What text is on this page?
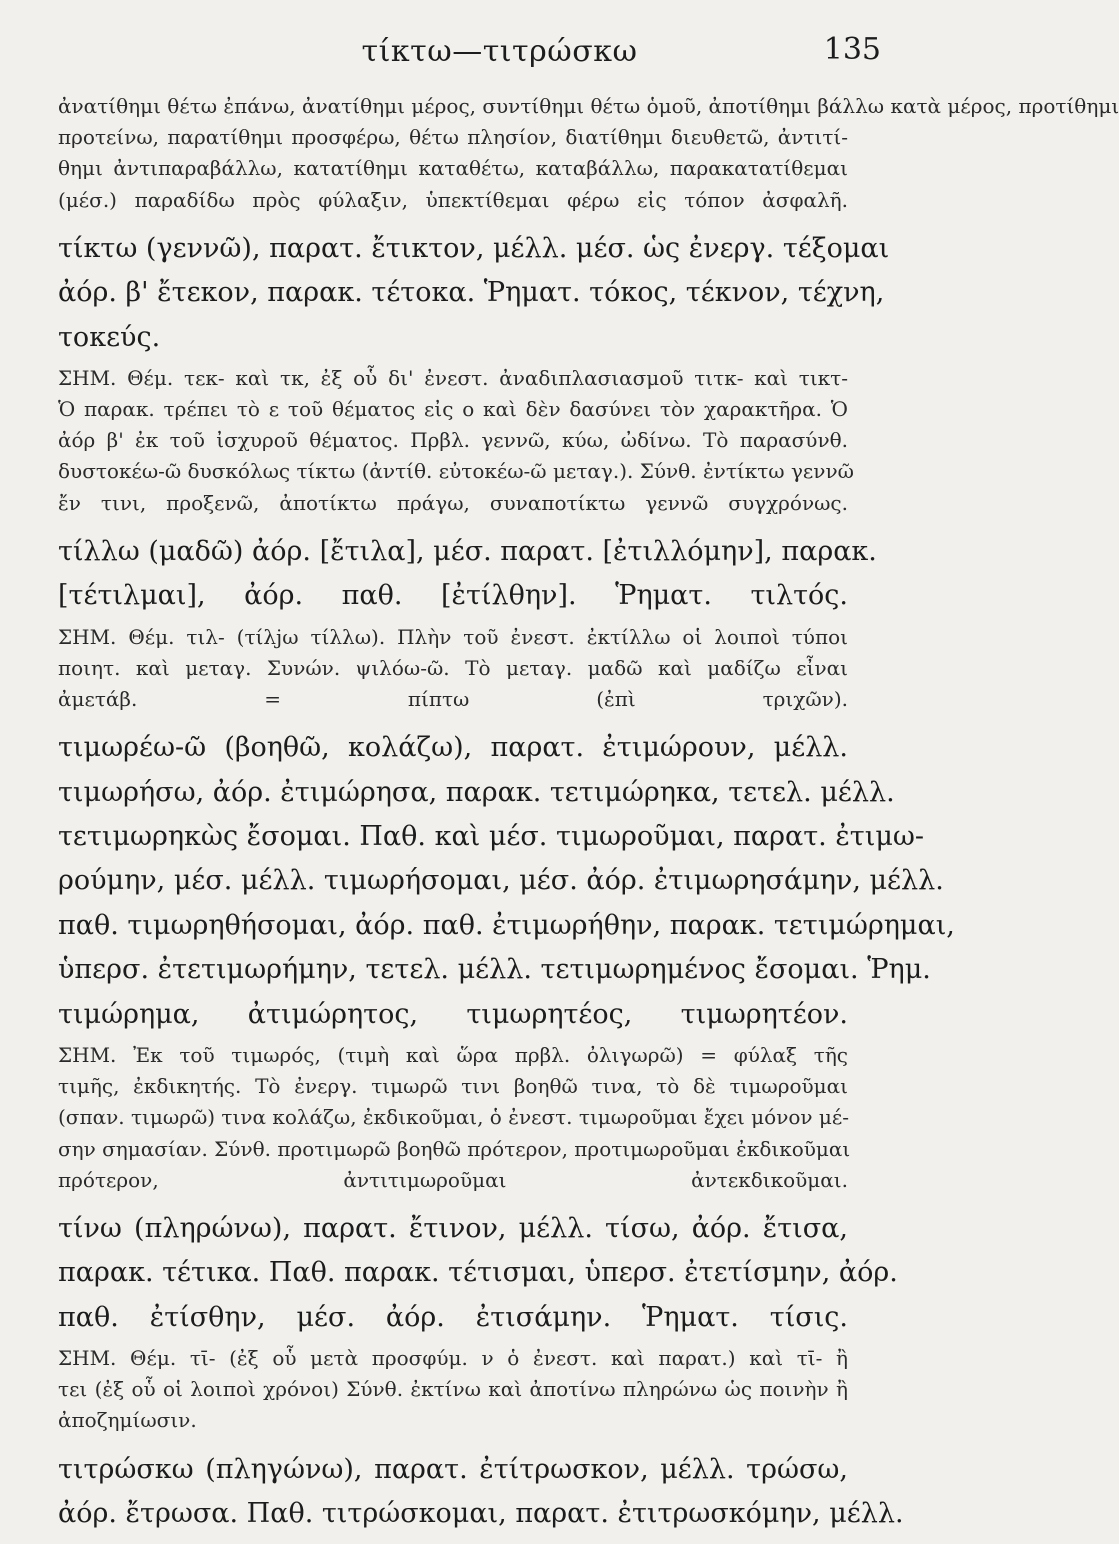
τίκτω—τιτρώσκω	135
ἀνατίθημι θέτω ἐπάνω, ἀνατίθημι μέρος, συντίθημι θέτω ὁμοῦ, ἀποτίθημι βάλλω κατὰ μέρος, προτίθημι
προτείνω, παρατίθημι προσφέρω, θέτω πλησίον, διατίθημι διευθετῶ, ἀντιτί-
θημι ἀντιπαραβάλλω, κατατίθημι καταθέτω, καταβάλλω, παρακατατίθεμαι
(μέσ.) παραδίδω πρὸς φύλαξιν, ὑπεκτίθεμαι φέρω εἰς τόπον ἀσφαλῆ.
τίκτω (γεννῶ), παρατ. ἔτικτον, μέλλ. μέσ. ὡς ἐνεργ. τέξομαι
ἀόρ. β' ἔτεκον, παρακ. τέτοκα. Ῥηματ. τόκος, τέκνον, τέχνη,
τοκεύς.
ΣΗΜ. Θέμ. τεκ- καὶ τκ, ἐξ οὗ δι' ἐνεστ. ἀναδιπλασιασμοῦ τιτκ- καὶ τικτ-
Ὁ παρακ. τρέπει τὸ ε τοῦ θέματος εἰς ο καὶ δὲν δασύνει τὸν χαρακτῆρα. Ὁ
ἀόρ β' ἐκ τοῦ ἰσχυροῦ θέματος. Πρβλ. γεννῶ, κύω, ὠδίνω. Τὸ παρασύνθ.
δυστοκέω-ῶ δυσκόλως τίκτω (ἀντίθ. εὐτοκέω-ῶ μεταγ.). Σύνθ. ἐντίκτω γεννῶ
ἔν τινι, προξενῶ, ἀποτίκτω πράγω, συναποτίκτω γεννῶ συγχρόνως.
τίλλω (μαδῶ) ἀόρ. [ἔτιλα], μέσ. παρατ. [ἐτιλλόμην], παρακ.
[τέτιλμαι], ἀόρ. παθ. [ἐτίλθην]. Ῥηματ. τιλτός.
ΣΗΜ. Θέμ. τιλ- (τίλjω τίλλω). Πλὴν τοῦ ἐνεστ. ἐκτίλλω οἱ λοιποὶ τύποι
ποιητ. καὶ μεταγ. Συνών. ψιλόω-ῶ. Τὸ μεταγ. μαδῶ καὶ μαδίζω εἶναι
ἀμετάβ. = πίπτω (ἐπὶ τριχῶν).
τιμωρέω-ῶ (βοηθῶ, κολάζω), παρατ. ἐτιμώρουν, μέλλ.
τιμωρήσω, ἀόρ. ἐτιμώρησα, παρακ. τετιμώρηκα, τετελ. μέλλ.
τετιμωρηκὼς ἔσομαι. Παθ. καὶ μέσ. τιμωροῦμαι, παρατ. ἐτιμω-
ρούμην, μέσ. μέλλ. τιμωρήσομαι, μέσ. ἀόρ. ἐτιμωρησάμην, μέλλ.
παθ. τιμωρηθήσομαι, ἀόρ. παθ. ἐτιμωρήθην, παρακ. τετιμώρημαι,
ὑπερσ. ἐτετιμωρήμην, τετελ. μέλλ. τετιμωρημένος ἔσομαι. Ῥημ.
τιμώρημα, ἀτιμώρητος, τιμωρητέος, τιμωρητέον.
ΣΗΜ. Ἐκ τοῦ τιμωρός, (τιμὴ καὶ ὥρα πρβλ. ὀλιγωρῶ) = φύλαξ τῆς
τιμῆς, ἐκδικητής. Τὸ ἐνεργ. τιμωρῶ τινι βοηθῶ τινα, τὸ δὲ τιμωροῦμαι
(σπαν. τιμωρῶ) τινα κολάζω, ἐκδικοῦμαι, ὁ ἐνεστ. τιμωροῦμαι ἔχει μόνον μέ-
σην σημασίαν. Σύνθ. προτιμωρῶ βοηθῶ πρότερον, προτιμωροῦμαι ἐκδικοῦμαι
πρότερον, ἀντιτιμωροῦμαι ἀντεκδικοῦμαι.
τίνω (πληρώνω), παρατ. ἔτινον, μέλλ. τίσω, ἀόρ. ἔτισα,
παρακ. τέτικα. Παθ. παρακ. τέτισμαι, ὑπερσ. ἐτετίσμην, ἀόρ.
παθ. ἐτίσθην, μέσ. ἀόρ. ἐτισάμην. Ῥηματ. τίσις.
ΣΗΜ. Θέμ. τῑ- (ἐξ οὗ μετὰ προσφύμ. ν ὁ ἐνεστ. καὶ παρατ.) καὶ τῑ- ἢ
τει (ἐξ οὗ οἱ λοιποὶ χρόνοι) Σύνθ. ἐκτίνω καὶ ἀποτίνω πληρώνω ὡς ποινὴν ἢ
ἀποζημίωσιν.
τιτρώσκω (πληγώνω), παρατ. ἐτίτρωσκον, μέλλ. τρώσω,
ἀόρ. ἔτρωσα. Παθ. τιτρώσκομαι, παρατ. ἐτιτρωσκόμην, μέλλ.
